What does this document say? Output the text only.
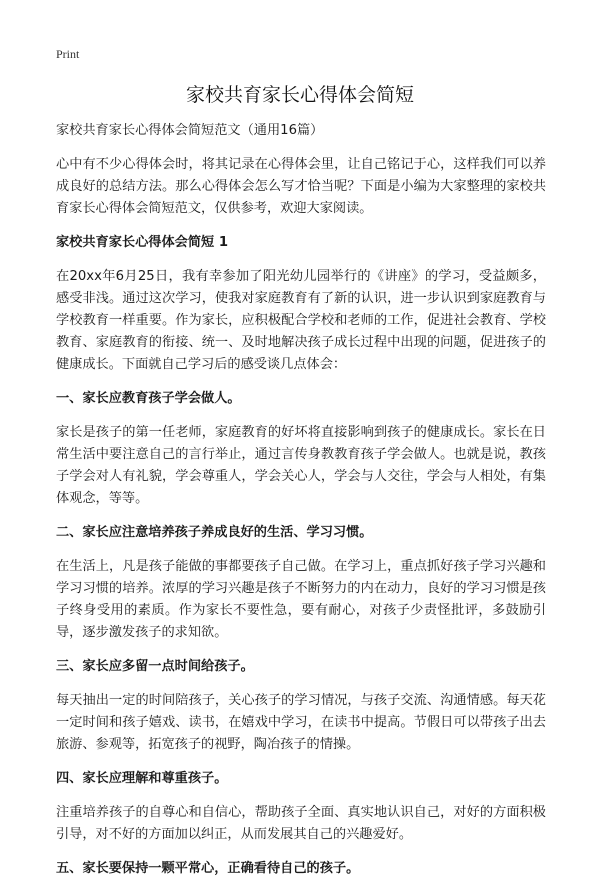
Print
家校共育家长心得体会简短

家校共育家长心得体会简短范文（通用16篇）

心中有不少心得体会时，将其记录在心得体会里，让自己铭记于心，这样我们可以养成良好的总结方法。那么心得体会怎么写才恰当呢？下面是小编为大家整理的家校共育家长心得体会简短范文，仅供参考，欢迎大家阅读。

家校共育家长心得体会简短 1

在20xx年6月25日，我有幸参加了阳光幼儿园举行的《讲座》的学习，受益颇多，感受非浅。通过这次学习，使我对家庭教育有了新的认识，进一步认识到家庭教育与学校教育一样重要。作为家长，应积极配合学校和老师的工作，促进社会教育、学校教育、家庭教育的衔接、统一、及时地解决孩子成长过程中出现的问题，促进孩子的健康成长。下面就自己学习后的感受谈几点体会：

一、家长应教育孩子学会做人。

家长是孩子的第一任老师，家庭教育的好坏将直接影响到孩子的健康成长。家长在日常生活中要注意自己的言行举止，通过言传身教教育孩子学会做人。也就是说，教孩子学会对人有礼貌，学会尊重人，学会关心人，学会与人交往，学会与人相处，有集体观念，等等。

二、家长应注意培养孩子养成良好的生活、学习习惯。

在生活上，凡是孩子能做的事都要孩子自己做。在学习上，重点抓好孩子学习兴趣和学习习惯的培养。浓厚的学习兴趣是孩子不断努力的内在动力，良好的学习习惯是孩子终身受用的素质。作为家长不要性急，要有耐心，对孩子少责怪批评，多鼓励引导，逐步激发孩子的求知欲。

三、家长应多留一点时间给孩子。

每天抽出一定的时间陪孩子，关心孩子的学习情况，与孩子交流、沟通情感。每天花一定时间和孩子嬉戏、读书，在嬉戏中学习，在读书中提高。节假日可以带孩子出去旅游、参观等，拓宽孩子的视野，陶冶孩子的情操。

四、家长应理解和尊重孩子。

注重培养孩子的自尊心和自信心，帮助孩子全面、真实地认识自己，对好的方面积极引导，对不好的方面加以纠正，从而发展其自己的兴趣爱好。

五、家长要保持一颗平常心，正确看待自己的孩子。
